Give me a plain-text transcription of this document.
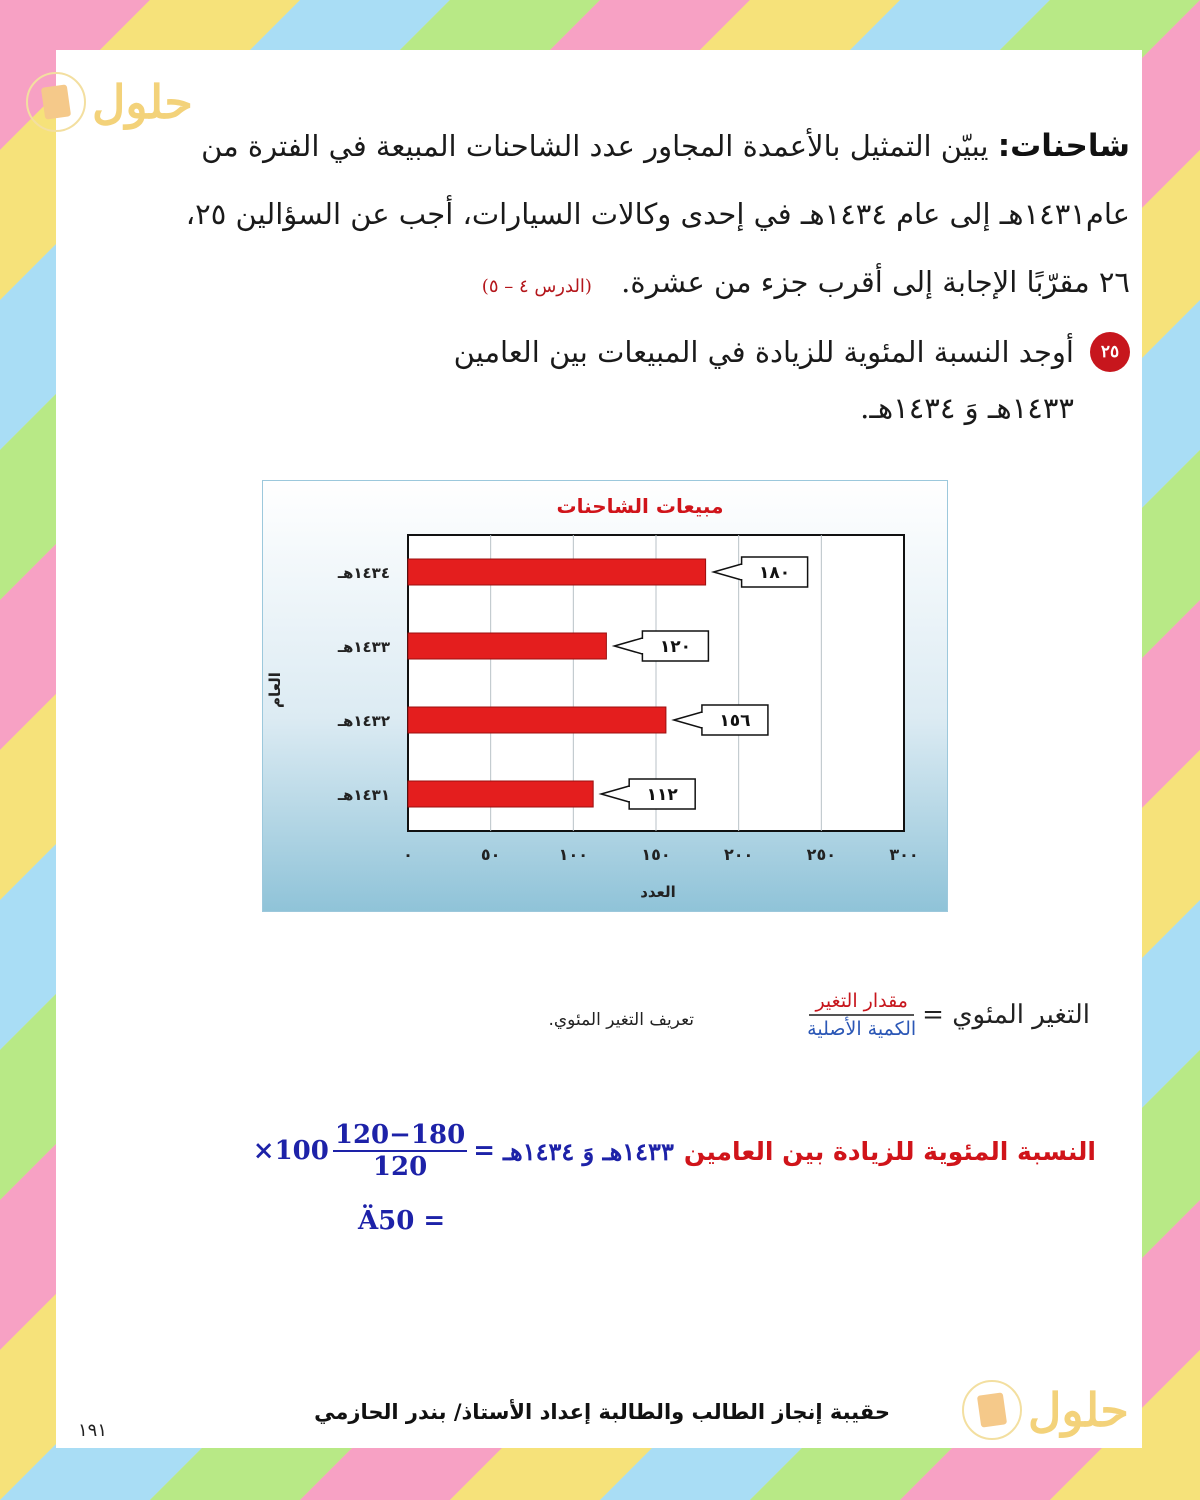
حلول
شاحنات: يبيّن التمثيل بالأعمدة المجاور عدد الشاحنات المبيعة في الفترة من عام١٤٣١هـ إلى عام ١٤٣٤هـ في إحدى وكالات السيارات، أجب عن السؤالين ٢٥، ٢٦ مقرّبًا الإجابة إلى أقرب جزء من عشرة. (الدرس ٤ – ٥)
٢٥
أوجد النسبة المئوية للزيادة في المبيعات بين العامين ١٤٣٣هـ وَ ١٤٣٤هـ.
مبيعات الشاحنات
١٨٠
١٢٠
١٥٦
١١٢
١٤٣٤هـ
١٤٣٣هـ
١٤٣٢هـ
١٤٣١هـ
٠	٥٠	١٠٠	١٥٠	٢٠٠	٢٥٠	٣٠٠
العام
العدد
التغير المئوي =
$\frac{\text{مقدار التغير}}{\text{الكمية الأصلية}}$
تعريف التغير المئوي.
النسبة المئوية للزيادة بين العامين
١٤٣٣هـ وَ ١٤٣٤هـ
=
$\frac{120-180}{120}$
100×
Ä50 =
حقيبة إنجاز الطالب والطالبة إعداد الأستاذ/ بندر الحازمي
١٩١	حلول
